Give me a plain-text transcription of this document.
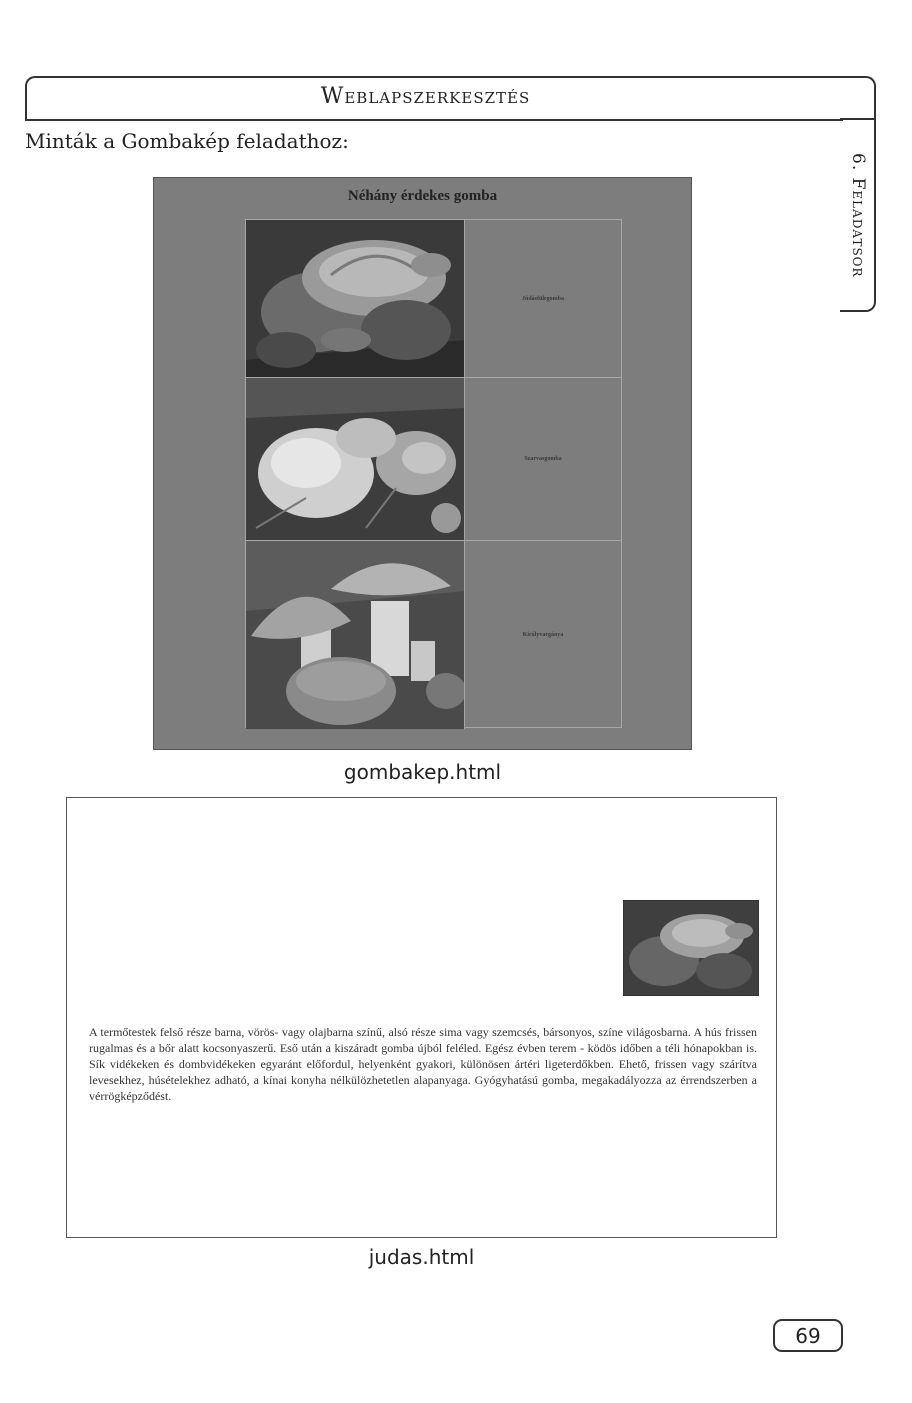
Weblapszerkesztés
Minták a Gombakép feladathoz:
6. Feladatsor
Néhány érdekes gomba
Júdásfülegomba
Szarvasgomba
Királyvargánya
gombakep.html
A termőtestek felső része barna, vörös- vagy olajbarna színű, alsó része sima vagy szemcsés, bársonyos, színe világosbarna. A hús frissen rugalmas és a bőr alatt kocsonyaszerű. Eső után a kiszáradt gomba újból feléled. Egész évben terem - ködös időben a téli hónapokban is. Sík vidékeken és dombvidékeken egyaránt előfordul, helyenként gyakori, különösen ártéri ligeterdőkben. Ehető, frissen vagy szárítva levesekhez, húsételekhez adható, a kínai konyha nélkülözhetetlen alapanyaga. Gyógyhatású gomba, megakadályozza az érrendszerben a vérrögképződést.
judas.html
69
